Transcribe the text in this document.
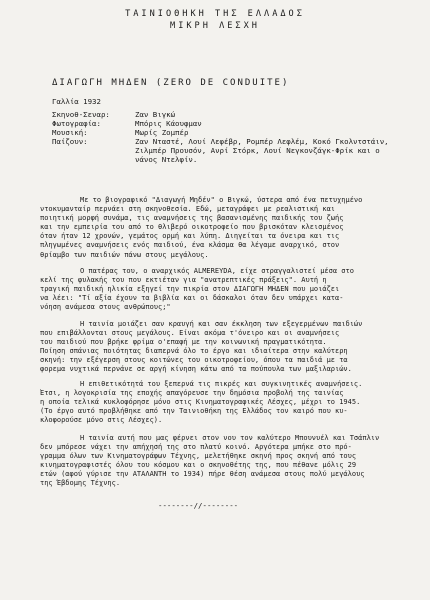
ΤΑΙΝΙΟΘΗΚΗ ΤΗΣ ΕΛΛΑΔΟΣ
ΜΙΚΡΗ ΛΕΣΧΗ
ΔΙΑΓΩΓΗ ΜΗΔΕΝ (ZERO DE CONDUITE)
Γαλλία 1932
Σκηνοθ-Σεναρ:	Ζαν Βιγκώ
Φωτογραφία:	Μπόρις Κάουφμαν
Μουσική:	Μωρίς Ζομπέρ
Παίζουν:	Ζαν Νταστέ, Λουί Λεφέβρ, Ρομπέρ Λεφλέμ, Κοκό Γκολντστάιν,
Ζιλμπέρ Προυσόν, Ανρί Στόρκ, Λουί Νεγκονζάγκ-Φρίκ και ο
νάνος Ντελφίν.
Με το βιογραφικό "Διαγωγή Μηδέν" ο Βιγκώ, ύστερα από ένα πετυχημένο
ντοκυμανταίρ περνάει στη σκηνοθεσία. Εδώ, μεταγράφει με ρεαλιστική και
ποιητική μορφή συνάμα, τις αναμνήσεις της βασανισμένης παιδικής του ζωής
και την εμπειρία του από το θλιβερό οικοτροφείο που βρισκόταν κλεισμένος
όταν ήταν 12 χρονών, γεμάτος ορμή και λύπη. Διηγείται τα όνειρα και τις
πληγωμένες αναμνήσεις ενός παιδιού, ένα κλάσμα θα λέγαμε αναρχικό, στον
θρίαμβο των παιδιών πάνω στους μεγάλους.
Ο πατέρας του, ο αναρχικός ALMEREYDA, είχε στραγγαλιστεί μέσα στο
κελί της φυλακής του που εκτιέταν για "ανατρεπτικές πράξεις". Αυτή η
τραγική παιδική ηλικία εξηγεί την πικρία στον ΔΙΑΓΩΓΗ ΜΗΔΕΝ που μοιάζει
να λέει: "Τί αξία έχουν τα βιβλία και οι δάσκαλοι όταν δεν υπάρχει κατα-
νόηση ανάμεσα στους ανθρώπους;"
Η ταινία μοιάζει σαν κραυγή και σαν έκκληση των εξεγερμένων παιδιών
που επιβάλλονται στους μεγάλους. Είναι ακόμα τ'όνειρο και οι αναμνήσεις
του παιδιού που βρήκε φρίμα ο'επαφή με την κοινωνική πραγματικότητα.
Ποίηση σπάνιας ποιότητας διαπερνά όλο το έργο και ιδιαίτερα στην καλύτερη
σκηνή: την εξέγερση στους κοιτώνες του οικοτροφείου, όπου τα παιδιά με τα
φορεμα νυχτικά περνάνε σε αργή κίνηση κάτω από τα πούπουλα των μαξιλαριών.
Η επιθετικότητά του ξεπερνά τις πικρές και συγκινητικές αναμνήσεις.
Έτσι, η λογοκρισία της εποχής απαγόρευσε την δημόσια προβολή της ταινίας
η οποία τελικά κυκλοφόρησε μόνο στις Κινηματογραφικές Λέσχες, μέχρι το 1945.
(Το έργο αυτό προβλήθηκε από την Ταινιοθήκη της Ελλάδος τον καιρό που κυ-
κλοφορούσε μόνο στις Λέσχες).
Η ταινία αυτή που μας φέρνει στον νου τον καλύτερο Μπουνυέλ και Τσάπλιν
δεν μπόρεσε νάχει την απήχησή της στο πλατύ κοινό. Αργότερα μπήκε στο πρό-
γραμμα όλων των Κινηματογράφων Τέχνης, μελετήθηκε σκηνή προς σκηνή από τους
κινηματογραφιστές όλου του κόσμου και ο σκηνοθέτης της, που πέθανε μόλις 29
ετών (αφού γύρισε την ΑΤΑΛΑΝΤΗ το 1934) πήρε θέση ανάμεσα στους πολύ μεγάλους
της Έβδομης Τέχνης.
--------//--------
